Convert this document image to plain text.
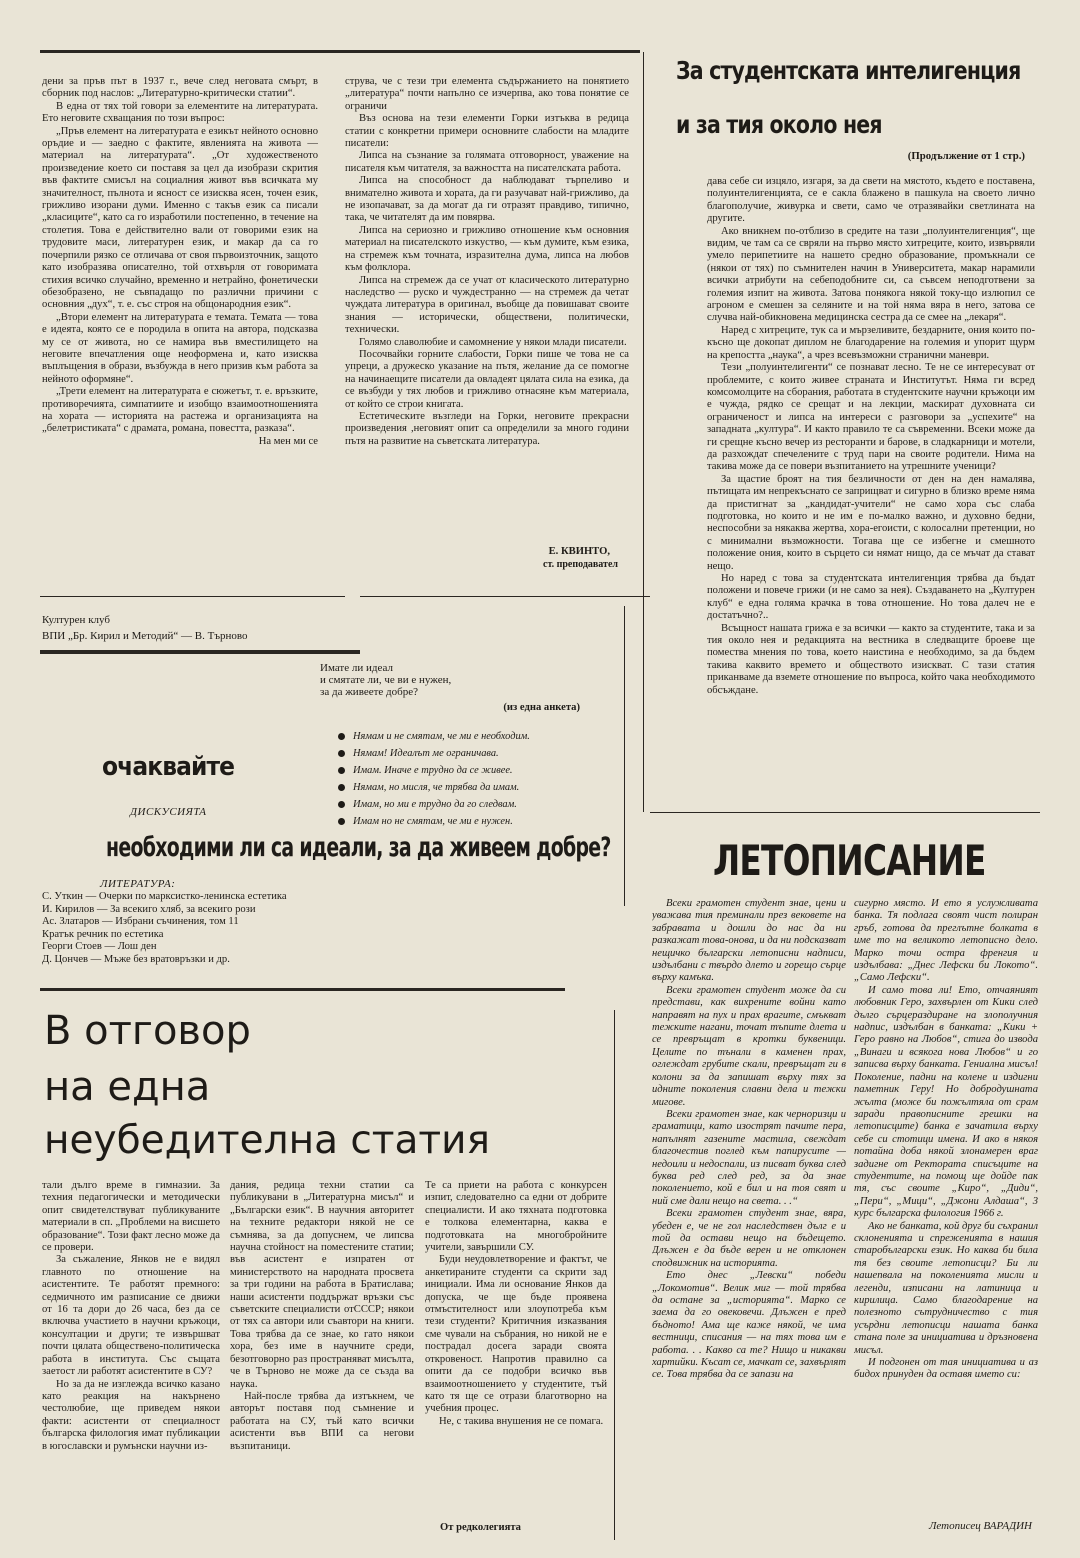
дени за пръв път в 1937 г., вече след неговата смърт, в сборник под наслов: „Литературно-критически статии“.

В една от тях той говори за елементите на литературата. Ето неговите схващания по този въпрос:

„Пръв елемент на литературата е езикът нейното основно оръдие и — заедно с фактите, явленията на живота — материал на литературата“. „От художественото произведение което си поставя за цел да изобрази скрития във фактите смисъл на социалния живот във всичката му значителност, пълнота и ясност се изисква ясен, точен език, грижливо изорани думи. Именно с такъв език са писали „класиците“, като са го изработили постепенно, в течение на столетия. Това е действително вали от говорими език на трудовите маси, литературен език, и макар да са го почерпили рязко се отличава от своя първоизточник, защото като изобразява описателно, той отхвърля от говоримата стихия всичко случайно, временно и нетрайно, фонетически обезобразено, не съвпадащо по различни причини с основния „дух“, т. е. със строя на общонародния език“.

„Втори елемент на литературата е темата. Темата — това е идеята, която се е породила в опита на автора, подсказва му се от живота, но се намира във вместилището на неговите впечатления още неоформена и, като изисква въплъщения в образи, възбужда в него призив към работа за нейното оформяне“.

„Трети елемент на литературата е сюжетът, т. е. връзките, противоречията, симпатиите и изобщо взаимоотношенията на хората — историята на растежа и организацията на „белетристиката“ с драмата, романа, повестта, разказа“.

На мен ми се

струва, че с тези три елемента съдържанието на понятието „литература“ почти напълно се изчерпва, ако това понятие се ограничи

Въз основа на тези елементи Горки изтъква в редица статии с конкретни примери основните слабости на младите писатели:

Липса на съзнание за голямата отговорност, уважение на писателя към читателя, за важността на писателската работа.

Липса на способност да наблюдават търпеливо и внимателно живота и хората, да ги разучават най-грижливо, да не изопачават, за да могат да ги отразят правдиво, типично, така, че читателят да им повярва.

Липса на сериозно и грижливо отношение към основния материал на писателското изкуство, — към думите, към езика, на стремеж към точната, изразителна дума, липса на любов към фолклора.

Липса на стремеж да се учат от класическото литературно наследство — руско и чуждестранно — на стремеж да четат чуждата литература в оригинал, въобще да повишават своите знания — исторически, обществени, политически, технически.

Голямо славолюбие и самомнение у някои млади писатели.

Посочвайки горните слабости, Горки пише че това не са упреци, а дружеско указание на пътя, желание да се помогне на начинаещите писатели да овладеят цялата сила на езика, да се възбуди у тях любов и грижливо отнасяне към материала, от който се строи книгата.

Естетическите възгледи на Горки, неговите прекрасни произведения ,неговият опит са определили за много години пътя на развитие на съветската литература.

Е. КВИНТО,
ст. преподавател
За студентската интелигенция
и за тия около нея
(Продължение от 1 стр.)

дава себе си изцяло, изгаря, за да свети на мястото, където е поставена, полуинтелигенцията, се е сакла блажено в пашкула на своето лично благополучие, живурка и свети, само че отразявайки светлината на другите.

Ако вникнем по-отблизо в средите на тази „полуинтелигенция“, ще видим, че там са се свряли на първо място хитреците, които, извървяли умело перипетиите на нашето средно образование, промъкнали се (някои от тях) по съмнителен начин в Университета, макар нарамили всички атрибути на себеподобните си, са съвсем неподготвени за големия изпит на живота. Затова понякога някой току-що излюпил се агроном е смешен за селяните и на той няма вяра в него, затова се случва най-обикновена медицинска сестра да се смее на „лекаря“.

Наред с хитреците, тук са и мързеливите, бездарните, ония които по-късно ще докопат диплом не благодарение на големия и упорит щурм на крепостта „наука“, а чрез всевъзможни странични маневри.

Тези „полуинтелигенти“ се познават лесно. Те не се интересуват от проблемите, с които живее страната и Институтът. Няма ги всред комсомолците на сборания, работата в студентските научни кръжоци им е чужда, рядко се срещат и на лекции, маскират духовната си ограниченост и липса на интереси с разговори за „успехите“ на западната „култура“. И както правило те са съвременни. Всеки може да ги срещне късно вечер из ресторанти и барове, в сладкарници и мотели, да разхождат спечелените с труд пари на своите родители. Нима на такива може да се повери възпитанието на утрешните ученици?

За щастие броят на тия безличности от ден на ден намалява, пътищата им непрекъснато се заприщват и сигурно в близко време няма да пристигнат за „кандидат-учители“ не само хора със слаба подготовка, но които и не им е по-малко важно, и духовно бедни, неспособни за някаква жертва, хора-егоисти, с колосални претенции, но с минимални възможности. Тогава ще се избегне и смешното положение ония, които в сърцето си нямат нищо, да се мъчат да стават нещо.

Но наред с това за студентската интелигенция трябва да бъдат положени и повече грижи (и не само за нея). Създаването на „Културен клуб“ е една голяма крачка в това отношение. Но това далеч не е достатъчно?..

Всъщност нашата грижа е за всички — както за студентите, така и за тия около нея и редакцията на вестника в следващите броеве ще помества мнения по това, което наистина е необходимо, за да бъдем такива каквито времето и обществото изискват. С тази статия приканваме да вземете отношение по въпроса, който чака необходимото обсъждане.

Културен клуб
ВПИ „Бр. Кирил и Методий“ — В. Търново
Имате ли идеал
и смятате ли, че ви е нужен,
за да живеете добре?
(из една анкета)
очаквайте
ДИСКУСИЯТА
Нямам и не смятам, че ми е необходим.
Нямам! Идеалът ме ограничава.
Имам. Иначе е трудно да се живее.
Нямам, но мисля, че трябва да имам.
Имам, но ми е трудно да го следвам.
Имам но не смятам, че ми е нужен.
необходими ли са идеали, за да живеем добре?
ЛИТЕРАТУРА:
С. Уткин — Очерки по марксистко-ленинска естетика
И. Кирилов — За всекиго хляб, за всекиго рози
Ас. Златаров — Избрани съчинения, том 11
Кратък речник по естетика
Георги Стоев — Лош ден
Д. Цончев — Мъже без вратовръзки и др.
В отговор
на една
неубедителна статия

тали дълго време в гимназии. За техния педагогически и методически опит свидетелствуват публикуваните материали в сп. „Проблеми на висшето образование“. Този факт лесно може да се провери.

За съжаление, Янков не е видял главното по отношение на асистентите. Те работят премного: седмичното им разписание се движи от 16 та дори до 26 часа, без да се включва участието в научни кръжоци, консултации и други; те извършват почти цялата обществено-политическа работа в института. Със същата заетост ли работят асистентите в СУ?

Но за да не изглежда всичко казано като реакция на накърнено честолюбие, ще приведем някои факти: асистенти от специалност българска филология имат публикации в югославски и румънски научни из-

дания, редица техни статии са публикувани в „Литературна мисъл“ и „Български език“. В научния авторитет на техните редактори някой не се съмнява, за да допуснем, че липсва научна стойност на поместените статии; във асистент е изпратен от министерството на народната просвета за три години на работа в Братислава; наши асистенти поддържат връзки със съветските специалисти отСССР; някои от тях са автори или съавтори на книги. Това трябва да се знае, ко гато някои хора, без име в научните среди, безотговорно раз пространяват мисълта, че в Търново не може да се създа ва наука.

Най-после трябва да изтъкнем, че авторът поставя под съмнение и работата на СУ, тъй като всички асистенти във ВПИ са негови възпитаници.

Те са приети на работа с конкурсен изпит, следователно са едни от добрите специалисти. И ако тяхната подготовка е толкова елементарна, каква е подготовката на многобройните учители, завършили СУ.

Буди неудовлетворение и фактът, че анкетираните студенти са скрити зад инициали. Има ли основание Янков да допуска, че ще бъде проявена отмъстителност или злоупотреба към тези студенти? Критичния изказвания сме чували на събрания, но никой не е пострадал досега заради своята откровеност. Напротив правилно са опити да се подобри всичко във взаимоотношението у студентите, тъй като тя ще се отрази благотворно на учебния процес.

Не, с такива внушения не се помага.

От редколегията
ЛЕТОПИСАНИЕ

Всеки грамотен студент знае, цени и уважава тия преминали през вековете на забравата и дошли до нас да ни разкажат това-онова, и да ни подсказват нещичко български летописни надписи, издълбани с твърдо длето и горещо сърце върху камъка.

Всеки грамотен студент може да си представи, как вихрените войни като направят на пух и прах врагите, смъкват тежките нагани, точат тъпите длета и се превръщат в кротки буквеници. Целите по тънали в каменен прах, оглеждат грубите скали, превръщат ги в колони за да запишат върху тях за идните поколения славни дела и тежки мигове.

Всеки грамотен знае, как черноризци и граматици, като изострят пачите пера, напълнят газените мастила, свеждат благочестив поглед към папирусите — недоили и недоспали, из писват буква след буква ред след ред, за да знае поколението, кой е бил и на тоя свят и ний сме дали нещо на света. . .“

Всеки грамотен студент знае, вяра, убеден е, че не гол наследствен дълг е и той да остави нещо на бъдещето. Длъжен е да бъде верен и не отклонен сподвижник на историята.

Ето днес „Левски“ победи „Локомотив“. Велик миг — той трябва да остане за „историята“. Марко се заема да го овековечи. Длъжен е пред бъдното! Ама ще каже някой, че има вестници, списания — на тях това им е работа. . . Какво са те? Нищо и никакви хартийки. Късат се, мачкат се, захвърлят се. Това трябва да се запази на

сигурно място. И ето я услужливата банка. Тя подлага своят чист полиран гръб, готова да преглътне болката в име то на великото летописно дело. Марко точи остра френгия и издълбава: „Днес Лефски би Локото“. „Само Лефски“.

И само това ли! Ето, отчаяният любовник Геро, захвърлен от Кики след дълго сърцераздиране на злополучния надпис, издълбан в банката: „Кики + Геро равно на Любов“, стига до извода „Винаги и всякога нова Любов“ и го записва върху банката. Гениална мисъл! Поколение, падни на колене и издигни паметник Геру! Но добродушната жълта (може би пожълтяла от срам заради правописните грешки на летописците) банка е зачатила върху себе си стотици имена. И ако в някоя потайна доба някой злонамерен враг задигне от Ректората списъците на студентите, на помощ ще дойде пак тя, със своите „Киро“, „Диди“, „Пери“, „Мици“, „Джони Алдаша“, 3 курс българска филология 1966 г.

Ако не банката, кой друг би съхранил склоненията и спреженията в нашия старобългарски език. Но каква би била тя без своите летописци? Би ли нашепвала на поколенията мисли и легенди, изписани на латиница и кирилица. Само благодарение на полезното сътрудничество с тия усърдни летописци нашата банка стана поле за инициатива и дръзновена мисъл.

И подгонен от тая инициатива и аз бидох принуден да оставя името си:

Летописец ВАРАДИН
